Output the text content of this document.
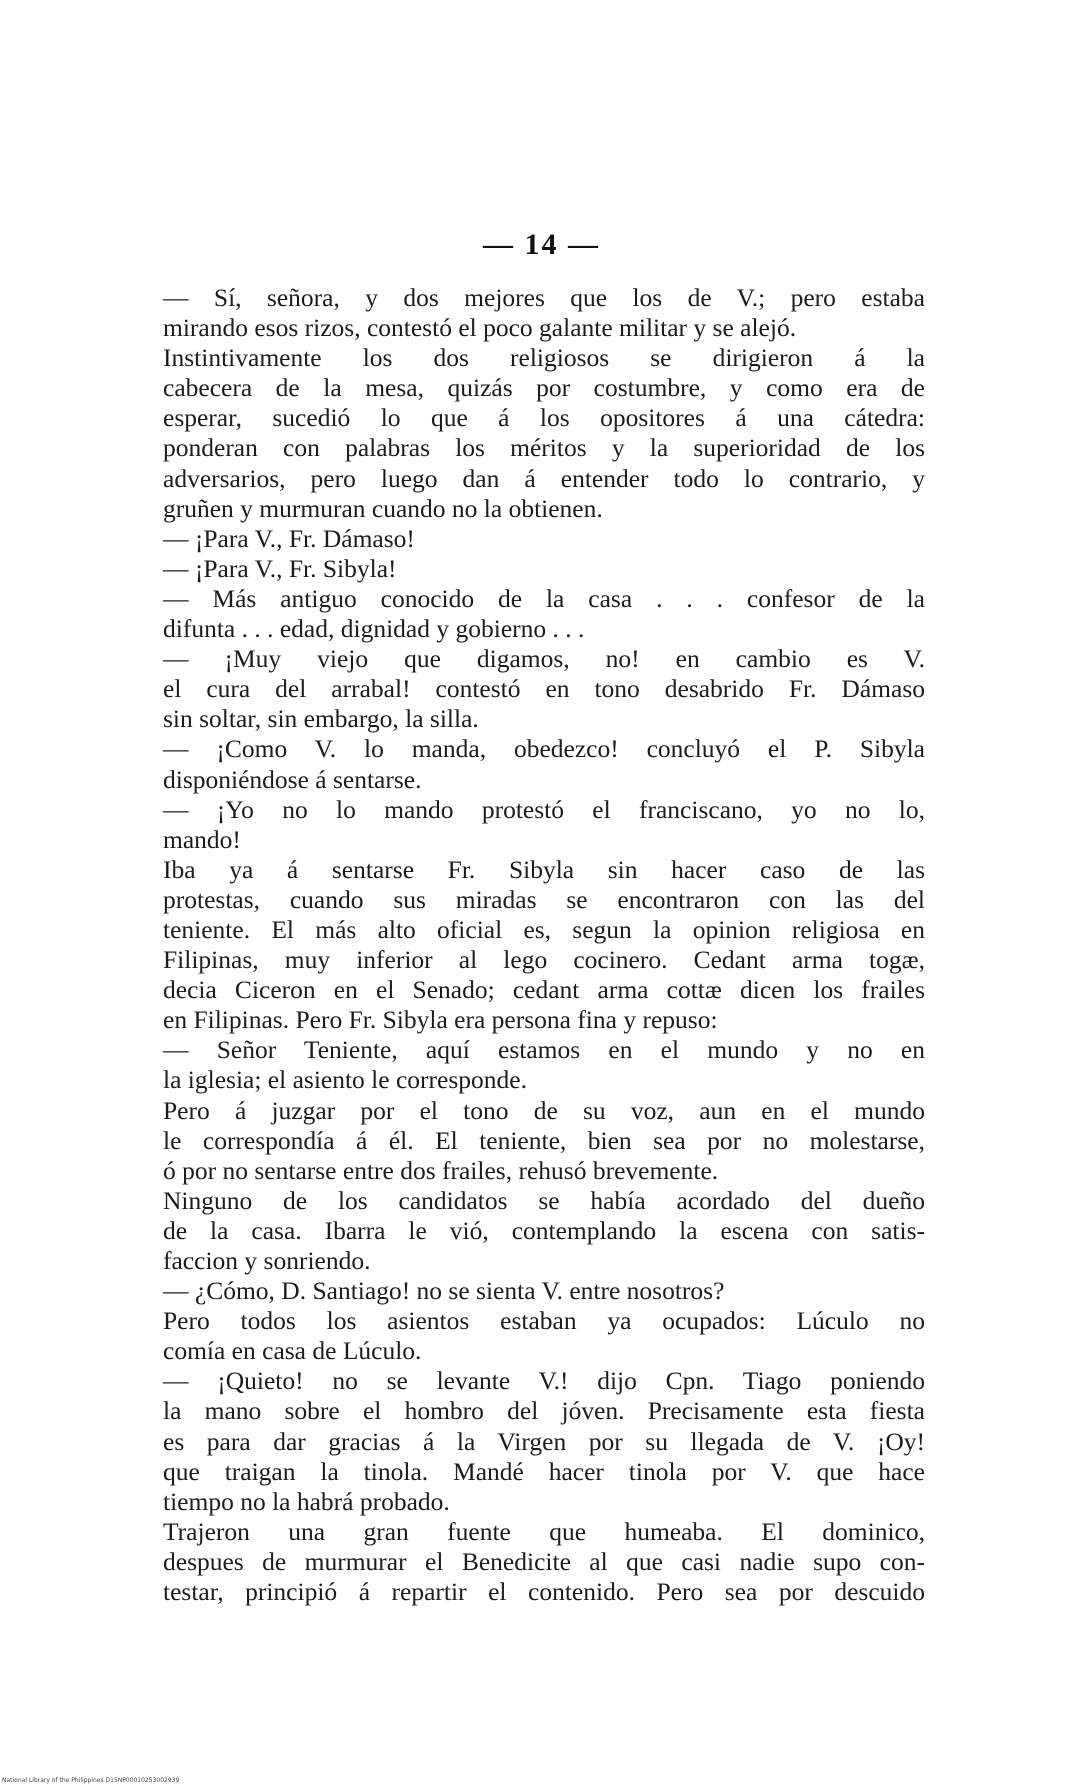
— 14 —
— Sí, señora, y dos mejores que los de V.; pero estaba
mirando esos rizos, contestó el poco galante militar y se alejó.
Instintivamente los dos religiosos se dirigieron á la
cabecera de la mesa, quizás por costumbre, y como era de
esperar, sucedió lo que á los opositores á una cátedra:
ponderan con palabras los méritos y la superioridad de los
adversarios, pero luego dan á entender todo lo contrario, y
gruñen y murmuran cuando no la obtienen.
— ¡Para V., Fr. Dámaso!
— ¡Para V., Fr. Sibyla!
— Más antiguo conocido de la casa . . . confesor de la
difunta . . . edad, dignidad y gobierno . . .
— ¡Muy viejo que digamos, no! en cambio es V.
el cura del arrabal! contestó en tono desabrido Fr. Dámaso
sin soltar, sin embargo, la silla.
— ¡Como V. lo manda, obedezco! concluyó el P. Sibyla
disponiéndose á sentarse.
— ¡Yo no lo mando protestó el franciscano, yo no lo,
mando!
Iba ya á sentarse Fr. Sibyla sin hacer caso de las
protestas, cuando sus miradas se encontraron con las del
teniente. El más alto oficial es, segun la opinion religiosa en
Filipinas, muy inferior al lego cocinero. Cedant arma togæ,
decia Ciceron en el Senado; cedant arma cottæ dicen los frailes
en Filipinas. Pero Fr. Sibyla era persona fina y repuso:
— Señor Teniente, aquí estamos en el mundo y no en
la iglesia; el asiento le corresponde.
Pero á juzgar por el tono de su voz, aun en el mundo
le correspondía á él. El teniente, bien sea por no molestarse,
ó por no sentarse entre dos frailes, rehusó brevemente.
Ninguno de los candidatos se había acordado del dueño
de la casa. Ibarra le vió, contemplando la escena con satis-
faccion y sonriendo.
— ¿Cómo, D. Santiago! no se sienta V. entre nosotros?
Pero todos los asientos estaban ya ocupados: Lúculo no
comía en casa de Lúculo.
— ¡Quieto! no se levante V.! dijo Cpn. Tiago poniendo
la mano sobre el hombro del jóven. Precisamente esta fiesta
es para dar gracias á la Virgen por su llegada de V. ¡Oy!
que traigan la tinola. Mandé hacer tinola por V. que hace
tiempo no la habrá probado.
Trajeron una gran fuente que humeaba. El dominico,
despues de murmurar el Benedicite al que casi nadie supo con-
testar, principió á repartir el contenido. Pero sea por descuido
National Library of the Philippines D15NP00010253002939
